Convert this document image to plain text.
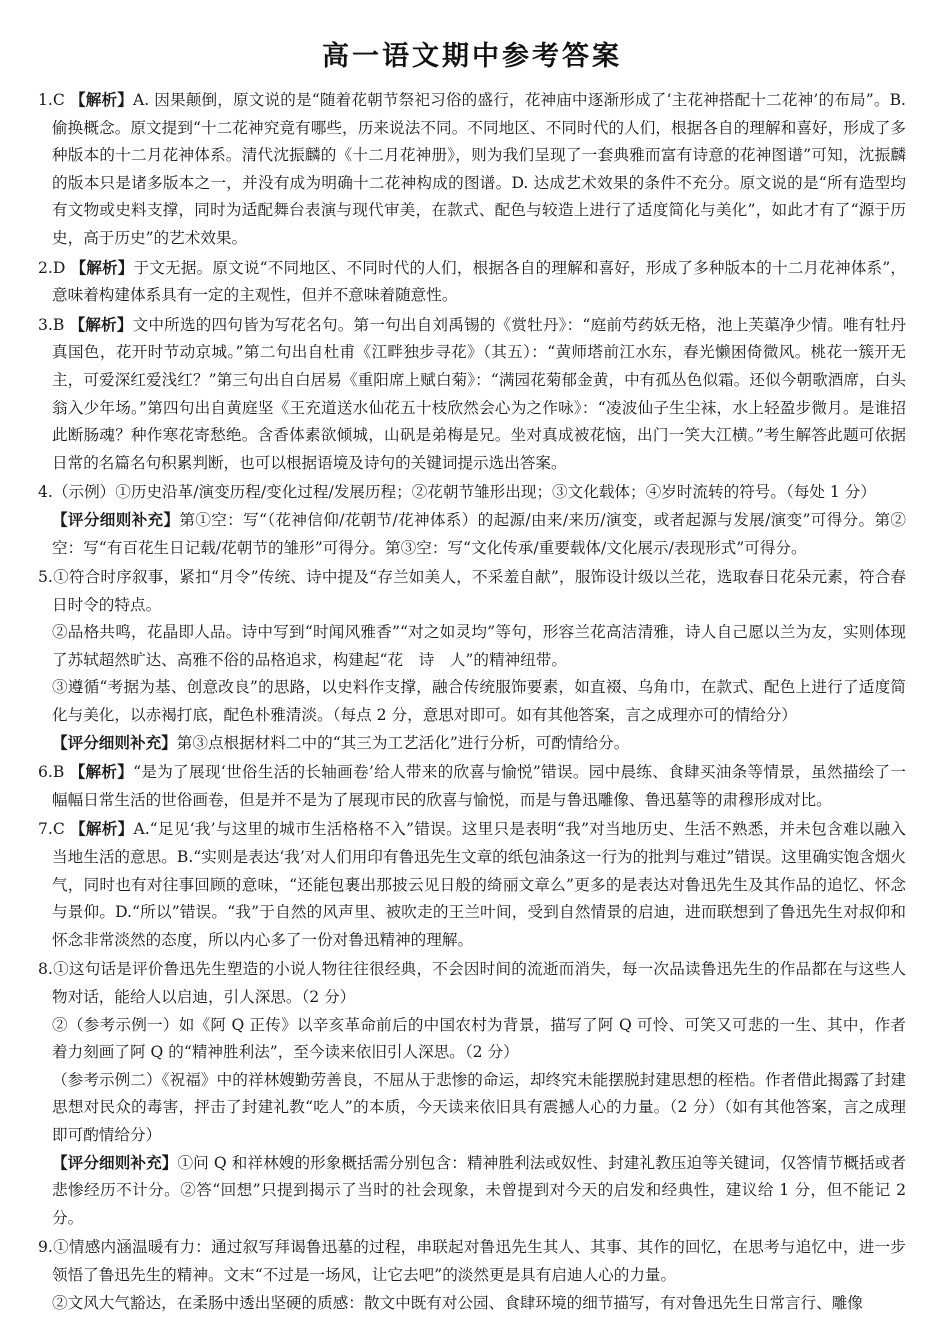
高一语文期中参考答案

1.C 【解析】A. 因果颠倒，原文说的是“随着花朝节祭祀习俗的盛行，花神庙中逐渐形成了‘主花神搭配十二花神’的布局”。B. 偷换概念。原文提到“十二花神究竟有哪些，历来说法不同。不同地区、不同时代的人们，根据各自的理解和喜好，形成了多种版本的十二月花神体系。清代沈振麟的《十二月花神册》，则为我们呈现了一套典雅而富有诗意的花神图谱”可知，沈振麟的版本只是诸多版本之一，并没有成为明确十二花神构成的图谱。D. 达成艺术效果的条件不充分。原文说的是“所有造型均有文物或史料支撑，同时为适配舞台表演与现代审美，在款式、配色与较造上进行了适度简化与美化”，如此才有了“源于历史，高于历史”的艺术效果。

2.D 【解析】于文无据。原文说“不同地区、不同时代的人们，根据各自的理解和喜好，形成了多种版本的十二月花神体系”，意味着构建体系具有一定的主观性，但并不意味着随意性。

3.B 【解析】文中所选的四句皆为写花名句。第一句出自刘禹锡的《赏牡丹》：“庭前芍药妖无格，池上芙蕖净少情。唯有牡丹真国色，花开时节动京城。”第二句出自杜甫《江畔独步寻花》（其五）：“黄师塔前江水东，春光懒困倚微风。桃花一簇开无主，可爱深红爱浅红？”第三句出自白居易《重阳席上赋白菊》：“满园花菊郁金黄，中有孤丛色似霜。还似今朝歌酒席，白头翁入少年场。”第四句出自黄庭坚《王充道送水仙花五十枝欣然会心为之作咏》：“凌波仙子生尘袜，水上轻盈步微月。是谁招此断肠魂？种作寒花寄愁绝。含香体素欲倾城，山矾是弟梅是兄。坐对真成被花恼，出门一笑大江横。”考生解答此题可依据日常的名篇名句积累判断，也可以根据语境及诗句的关键词提示选出答案。

4.（示例）①历史沿革/演变历程/变化过程/发展历程；②花朝节雏形出现；③文化载体；④岁时流转的符号。（每处 1 分）

【评分细则补充】第①空：写“（花神信仰/花朝节/花神体系）的起源/由来/来历/演变，或者起源与发展/演变”可得分。第②空：写“有百花生日记载/花朝节的雏形”可得分。第③空：写“文化传承/重要载体/文化展示/表现形式”可得分。

5.①符合时序叙事，紧扣“月令”传统、诗中提及“存兰如美人，不采羞自献”，服饰设计级以兰花，选取春日花朵元素，符合春日时令的特点。

②品格共鸣，花晶即人品。诗中写到“时闻风雅香”“对之如灵均”等句，形容兰花高洁清雅，诗人自己愿以兰为友，实则体现了苏轼超然旷达、高雅不俗的品格追求，构建起“花　诗　人”的精神纽带。

③遵循“考据为基、创意改良”的思路，以史料作支撑，融合传统服饰要素，如直裰、乌角巾，在款式、配色上进行了适度简化与美化，以赤褐打底，配色朴雅清淡。（每点 2 分，意思对即可。如有其他答案，言之成理亦可的情给分）

【评分细则补充】第③点根据材料二中的“其三为工艺活化”进行分析，可酌情给分。

6.B 【解析】“是为了展现‘世俗生活的长轴画卷’给人带来的欣喜与愉悦”错误。园中晨练、食肆买油条等情景，虽然描绘了一幅幅日常生活的世俗画卷，但是并不是为了展现市民的欣喜与愉悦，而是与鲁迅雕像、鲁迅墓等的肃穆形成对比。

7.C 【解析】A.“足见‘我’与这里的城市生活格格不入”错误。这里只是表明“我”对当地历史、生活不熟悉，并未包含难以融入当地生活的意思。B.“实则是表达‘我’对人们用印有鲁迅先生文章的纸包油条这一行为的批判与难过”错误。这里确实饱含烟火气，同时也有对往事回顾的意味，“还能包裹出那披云见日般的绮丽文章么”更多的是表达对鲁迅先生及其作品的追忆、怀念与景仰。D.“所以”错误。“我”于自然的风声里、被吹走的王兰叶间，受到自然情景的启迪，进而联想到了鲁迅先生对叔仰和怀念非常淡然的态度，所以内心多了一份对鲁迅精神的理解。

8.①这句话是评价鲁迅先生塑造的小说人物往往很经典，不会因时间的流逝而消失，每一次品读鲁迅先生的作品都在与这些人物对话，能给人以启迪，引人深思。（2 分）

②（参考示例一）如《阿 Q 正传》以辛亥革命前后的中国农村为背景，描写了阿 Q 可怜、可笑又可悲的一生、其中，作者着力刻画了阿 Q 的“精神胜利法”，至今读来依旧引人深思。（2 分）

（参考示例二）《祝福》中的祥林嫂勤劳善良，不屈从于悲惨的命运，却终究未能摆脱封建思想的桎梏。作者借此揭露了封建思想对民众的毒害，抨击了封建礼教“吃人”的本质，今天读来依旧具有震撼人心的力量。（2 分）（如有其他答案，言之成理即可酌情给分）

【评分细则补充】①问 Q 和祥林嫂的形象概括需分别包含：精神胜利法或奴性、封建礼教压迫等关键词，仅答情节概括或者悲惨经历不计分。②答“回想”只提到揭示了当时的社会现象，未曾提到对今天的启发和经典性，建议给 1 分，但不能记 2 分。

9.①情感内涵温暖有力：通过叙写拜谒鲁迅墓的过程，串联起对鲁迅先生其人、其事、其作的回忆，在思考与追忆中，进一步领悟了鲁迅先生的精神。文末“不过是一场风，让它去吧”的淡然更是具有启迪人心的力量。

②文风大气豁达，在柔肠中透出坚硬的质感：散文中既有对公园、食肆环境的细节描写，有对鲁迅先生日常言行、雕像
